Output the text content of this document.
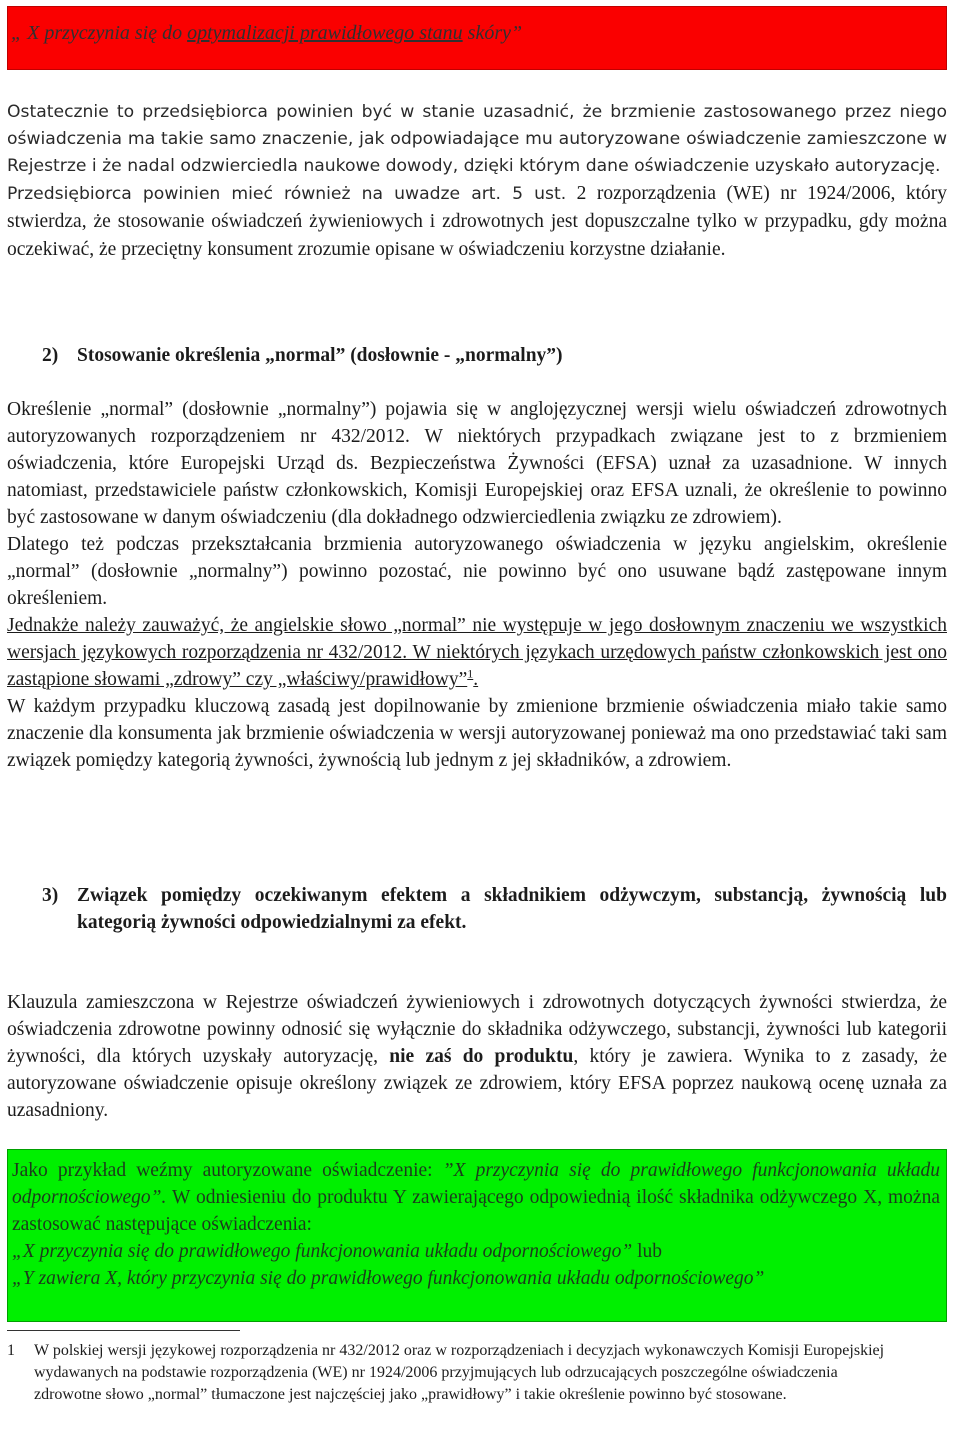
„ X przyczynia się do optymalizacji prawidłowego stanu skóry”

Ostatecznie to przedsiębiorca powinien być w stanie uzasadnić, że brzmienie zastosowanego przez niego oświadczenia ma takie samo znaczenie, jak odpowiadające mu autoryzowane oświadczenie zamieszczone w Rejestrze i że nadal odzwierciedla naukowe dowody, dzięki którym dane oświadczenie uzyskało autoryzację.

Przedsiębiorca powinien mieć również na uwadze art. 5 ust. 2 rozporządzenia (WE) nr 1924/2006, który stwierdza, że stosowanie oświadczeń żywieniowych i zdrowotnych jest dopuszczalne tylko w przypadku, gdy można oczekiwać, że przeciętny konsument zrozumie opisane w oświadczeniu korzystne działanie.

2) Stosowanie określenia „normal” (dosłownie - „normalny”)

Określenie „normal” (dosłownie „normalny”) pojawia się w anglojęzycznej wersji wielu oświadczeń zdrowotnych autoryzowanych rozporządzeniem nr 432/2012. W niektórych przypadkach związane jest to z brzmieniem oświadczenia, które Europejski Urząd ds. Bezpieczeństwa Żywności (EFSA) uznał za uzasadnione. W innych natomiast, przedstawiciele państw członkowskich, Komisji Europejskiej oraz EFSA uznali, że określenie to powinno być zastosowane w danym oświadczeniu (dla dokładnego odzwierciedlenia związku ze zdrowiem).

Dlatego też podczas przekształcania brzmienia autoryzowanego oświadczenia w języku angielskim, określenie „normal” (dosłownie „normalny”) powinno pozostać, nie powinno być ono usuwane bądź zastępowane innym określeniem.

Jednakże należy zauważyć, że angielskie słowo „normal” nie występuje w jego dosłownym znaczeniu we wszystkich wersjach językowych rozporządzenia nr 432/2012. W niektórych językach urzędowych państw członkowskich jest ono zastąpione słowami „zdrowy” czy „właściwy/prawidłowy”$^1$.

W każdym przypadku kluczową zasadą jest dopilnowanie by zmienione brzmienie oświadczenia miało takie samo znaczenie dla konsumenta jak brzmienie oświadczenia w wersji autoryzowanej ponieważ ma ono przedstawiać taki sam związek pomiędzy kategorią żywności, żywnością lub jednym z jej składników, a zdrowiem.

3) Związek pomiędzy oczekiwanym efektem a składnikiem odżywczym, substancją, żywnością lub kategorią żywności odpowiedzialnymi za efekt.

Klauzula zamieszczona w Rejestrze oświadczeń żywieniowych i zdrowotnych dotyczących żywności stwierdza, że oświadczenia zdrowotne powinny odnosić się wyłącznie do składnika odżywczego, substancji, żywności lub kategorii żywności, dla których uzyskały autoryzację, nie zaś do produktu, który je zawiera. Wynika to z zasady, że autoryzowane oświadczenie opisuje określony związek ze zdrowiem, który EFSA poprzez naukową ocenę uznała za uzasadniony.

Jako przykład weźmy autoryzowane oświadczenie: ”X przyczynia się do prawidłowego funkcjonowania układu odpornościowego”. W odniesieniu do produktu Y zawierającego odpowiednią ilość składnika odżywczego X, można zastosować następujące oświadczenia:

„X przyczynia się do prawidłowego funkcjonowania układu odpornościowego” lub

„Y zawiera X, który przyczynia się do prawidłowego funkcjonowania układu odpornościowego”

1 W polskiej wersji językowej rozporządzenia nr 432/2012 oraz w rozporządzeniach i decyzjach wykonawczych Komisji Europejskiej wydawanych na podstawie rozporządzenia (WE) nr 1924/2006 przyjmujących lub odrzucających poszczególne oświadczenia zdrowotne słowo „normal” tłumaczone jest najczęściej jako „prawidłowy” i takie określenie powinno być stosowane.
